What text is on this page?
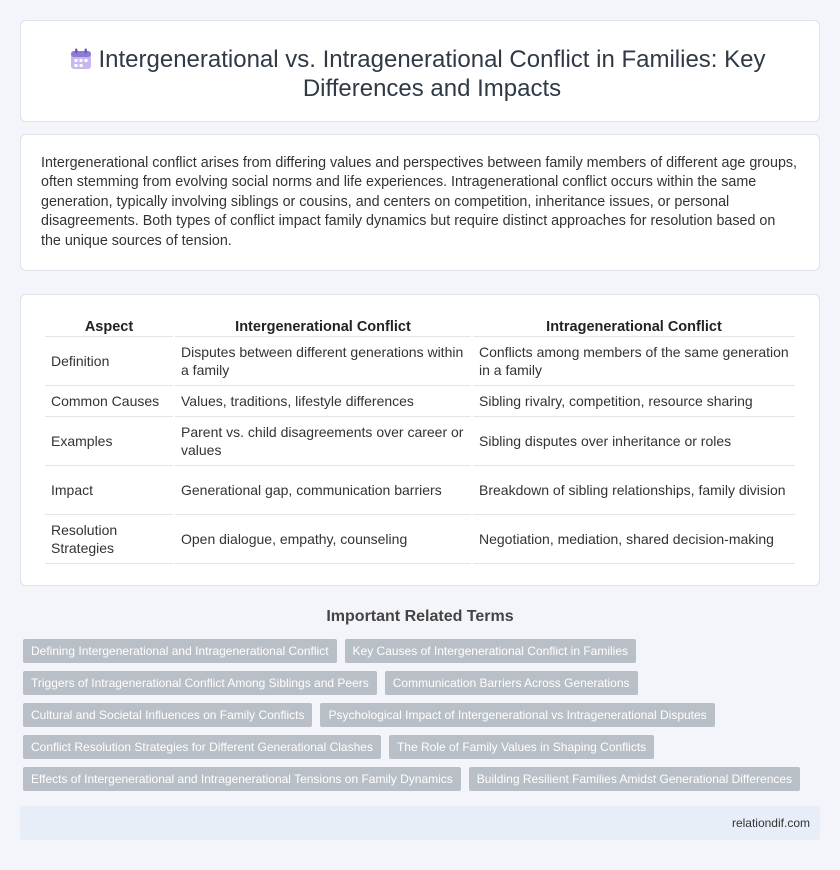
Intergenerational vs. Intragenerational Conflict in Families: Key Differences and Impacts

Intergenerational conflict arises from differing values and perspectives between family members of different age groups, often stemming from evolving social norms and life experiences. Intragenerational conflict occurs within the same generation, typically involving siblings or cousins, and centers on competition, inheritance issues, or personal disagreements. Both types of conflict impact family dynamics but require distinct approaches for resolution based on the unique sources of tension.

Aspect	Intergenerational Conflict	Intragenerational Conflict
Definition	Disputes between different generations within a family	Conflicts among members of the same generation in a family
Common Causes	Values, traditions, lifestyle differences	Sibling rivalry, competition, resource sharing
Examples	Parent vs. child disagreements over career or values	Sibling disputes over inheritance or roles
Impact	Generational gap, communication barriers	Breakdown of sibling relationships, family division
Resolution Strategies	Open dialogue, empathy, counseling	Negotiation, mediation, shared decision-making
Important Related Terms
Defining Intergenerational and Intragenerational Conflict	Key Causes of Intergenerational Conflict in Families
Triggers of Intragenerational Conflict Among Siblings and Peers	Communication Barriers Across Generations
Cultural and Societal Influences on Family Conflicts	Psychological Impact of Intergenerational vs Intragenerational Disputes
Conflict Resolution Strategies for Different Generational Clashes	The Role of Family Values in Shaping Conflicts
Effects of Intergenerational and Intragenerational Tensions on Family Dynamics	Building Resilient Families Amidst Generational Differences
relationdif.com
